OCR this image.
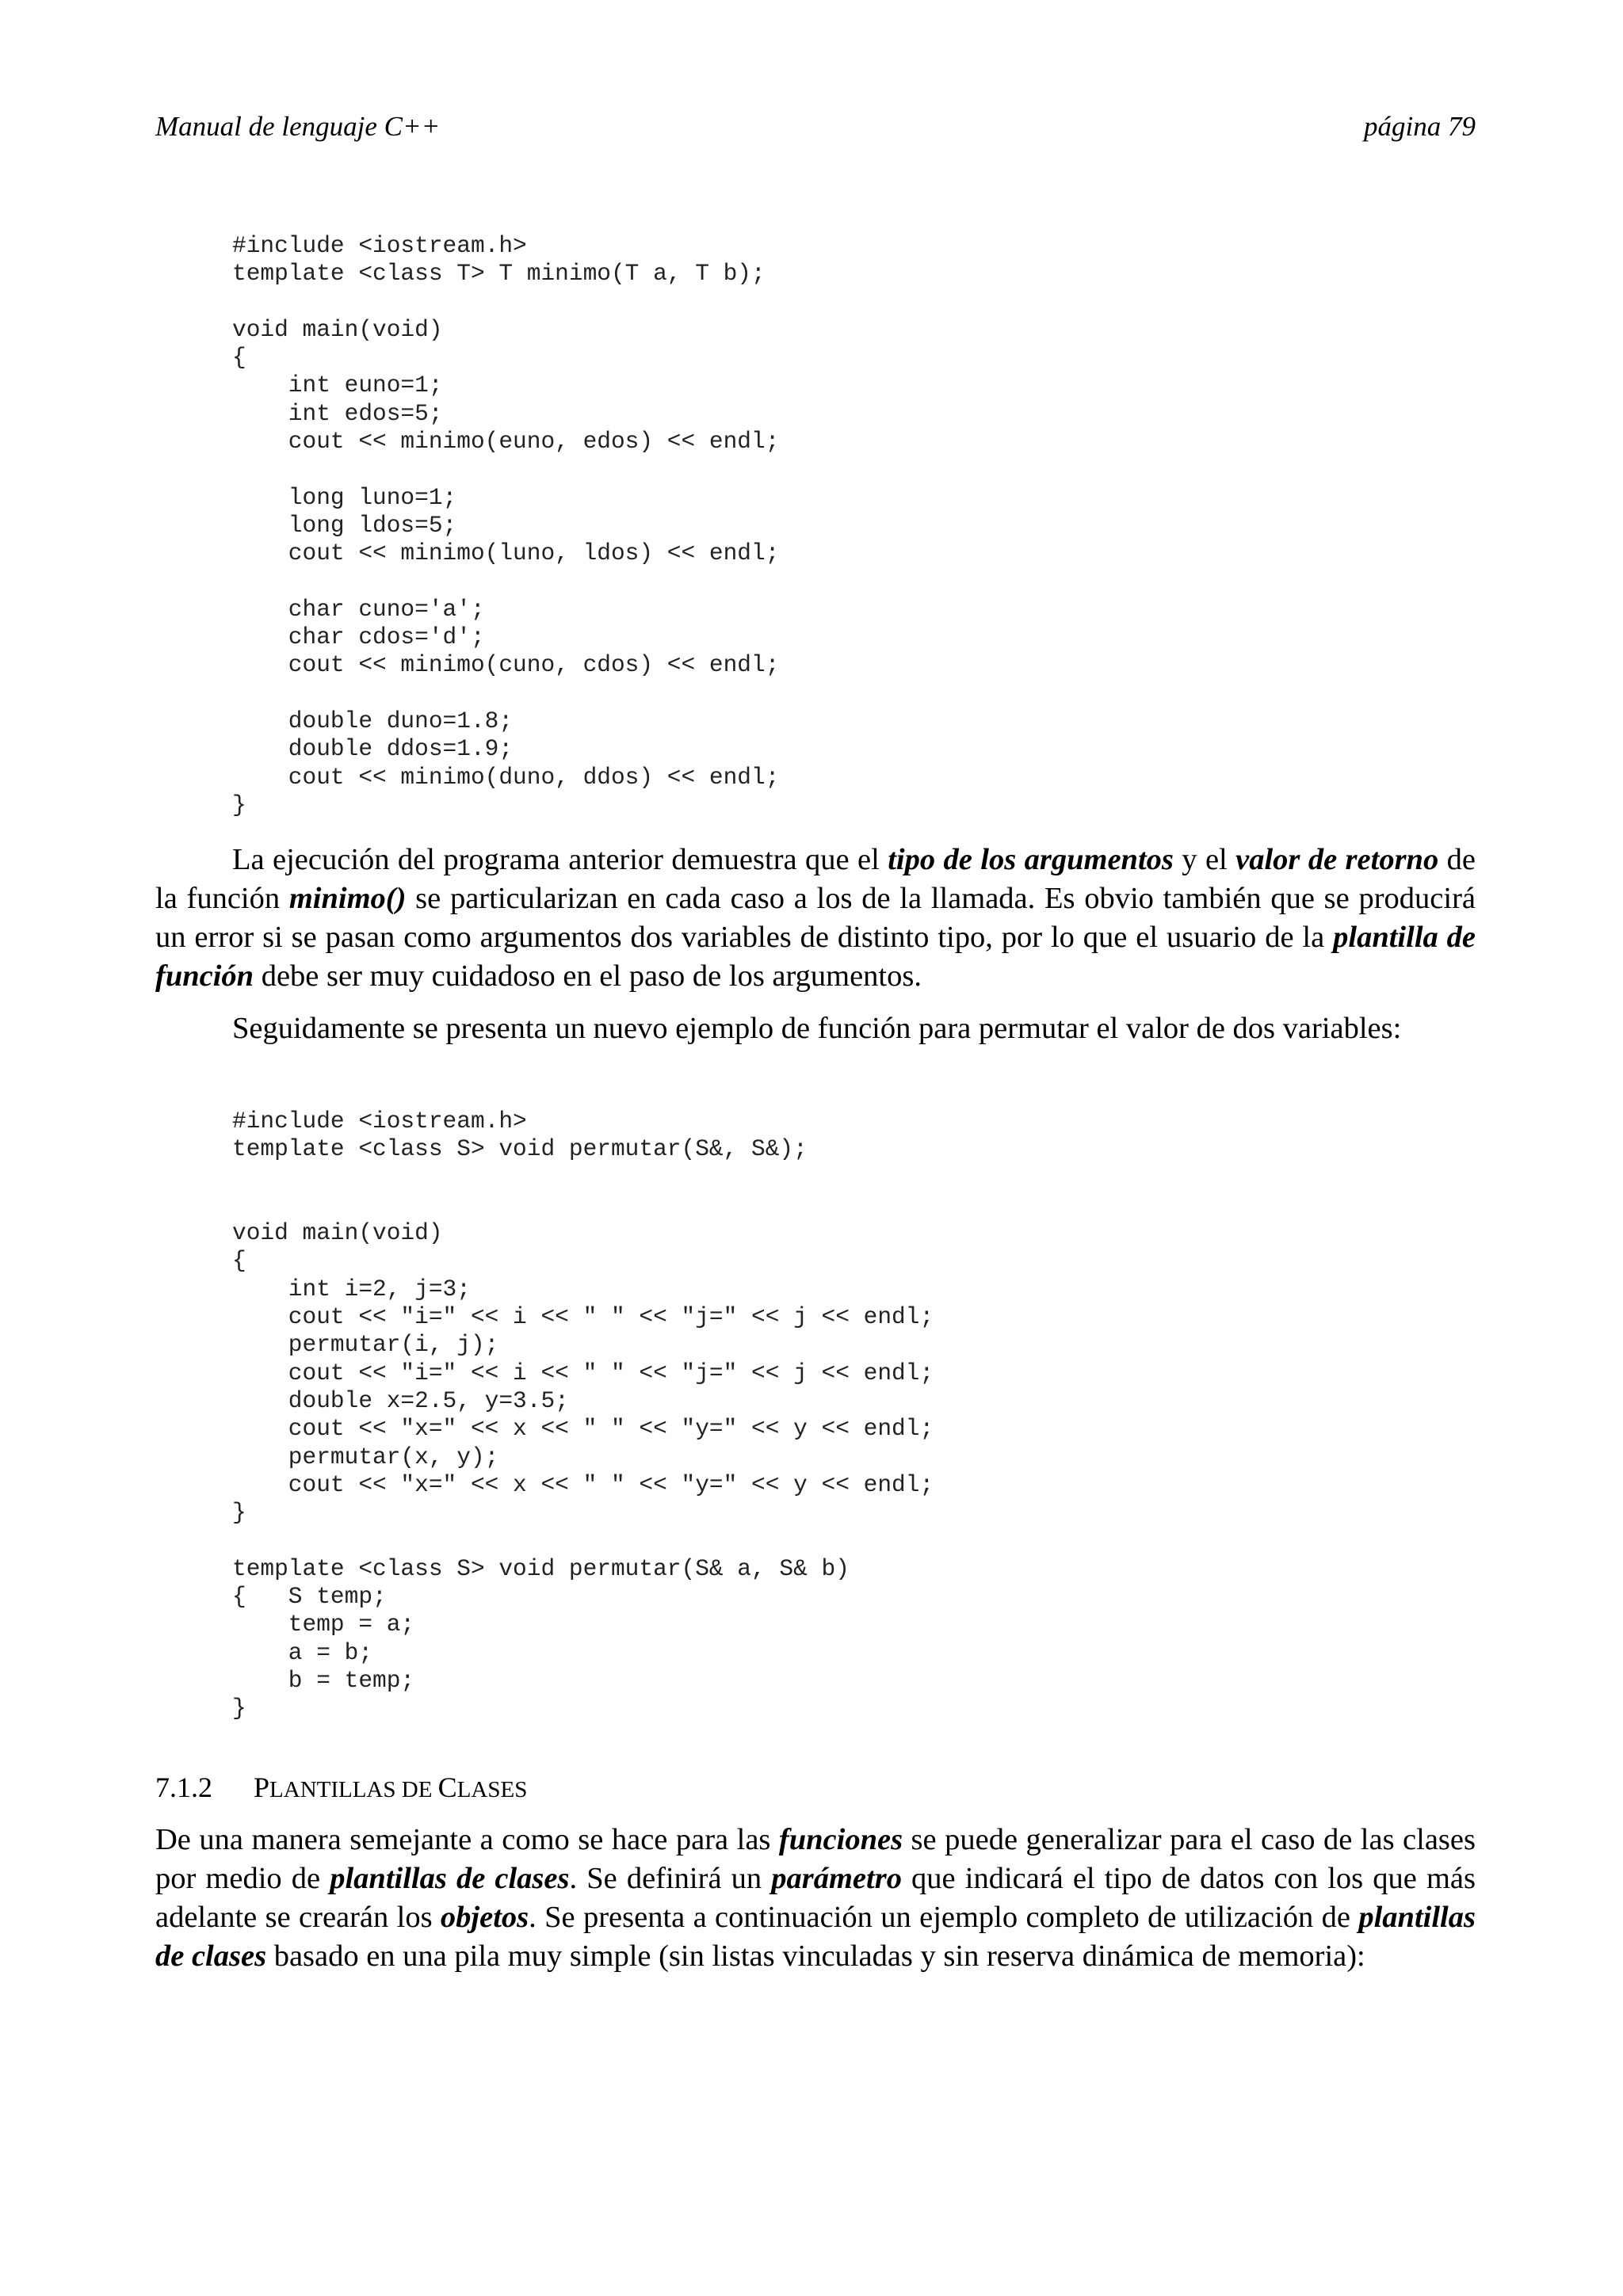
Manual de lenguaje C++	página 79
#include <iostream.h>
template <class T> T minimo(T a, T b);

void main(void)
{
int euno=1;
int edos=5;
cout << minimo(euno, edos) << endl;

long luno=1;
long ldos=5;
cout << minimo(luno, ldos) << endl;

char cuno='a';
char cdos='d';
cout << minimo(cuno, cdos) << endl;

double duno=1.8;
double ddos=1.9;
cout << minimo(duno, ddos) << endl;
}

La ejecución del programa anterior demuestra que el tipo de los argumentos y el valor de retorno de la función minimo() se particularizan en cada caso a los de la llamada. Es obvio también que se producirá un error si se pasan como argumentos dos variables de distinto tipo, por lo que el usuario de la plantilla de función debe ser muy cuidadoso en el paso de los argumentos.

Seguidamente se presenta un nuevo ejemplo de función para permutar el valor de dos variables:

#include <iostream.h>
template <class S> void permutar(S&, S&);

void main(void)
{
int i=2, j=3;
cout << "i=" << i << " " << "j=" << j << endl;
permutar(i, j);
cout << "i=" << i << " " << "j=" << j << endl;
double x=2.5, y=3.5;
cout << "x=" << x << " " << "y=" << y << endl;
permutar(x, y);
cout << "x=" << x << " " << "y=" << y << endl;
}

template <class S> void permutar(S& a, S& b)
{   S temp;
temp = a;
a = b;
b = temp;
}
7.1.2 PLANTILLAS DE CLASES

De una manera semejante a como se hace para las funciones se puede generalizar para el caso de las clases por medio de plantillas de clases. Se definirá un parámetro que indicará el tipo de datos con los que más adelante se crearán los objetos. Se presenta a continuación un ejemplo completo de utilización de plantillas de clases basado en una pila muy simple (sin listas vinculadas y sin reserva dinámica de memoria):
